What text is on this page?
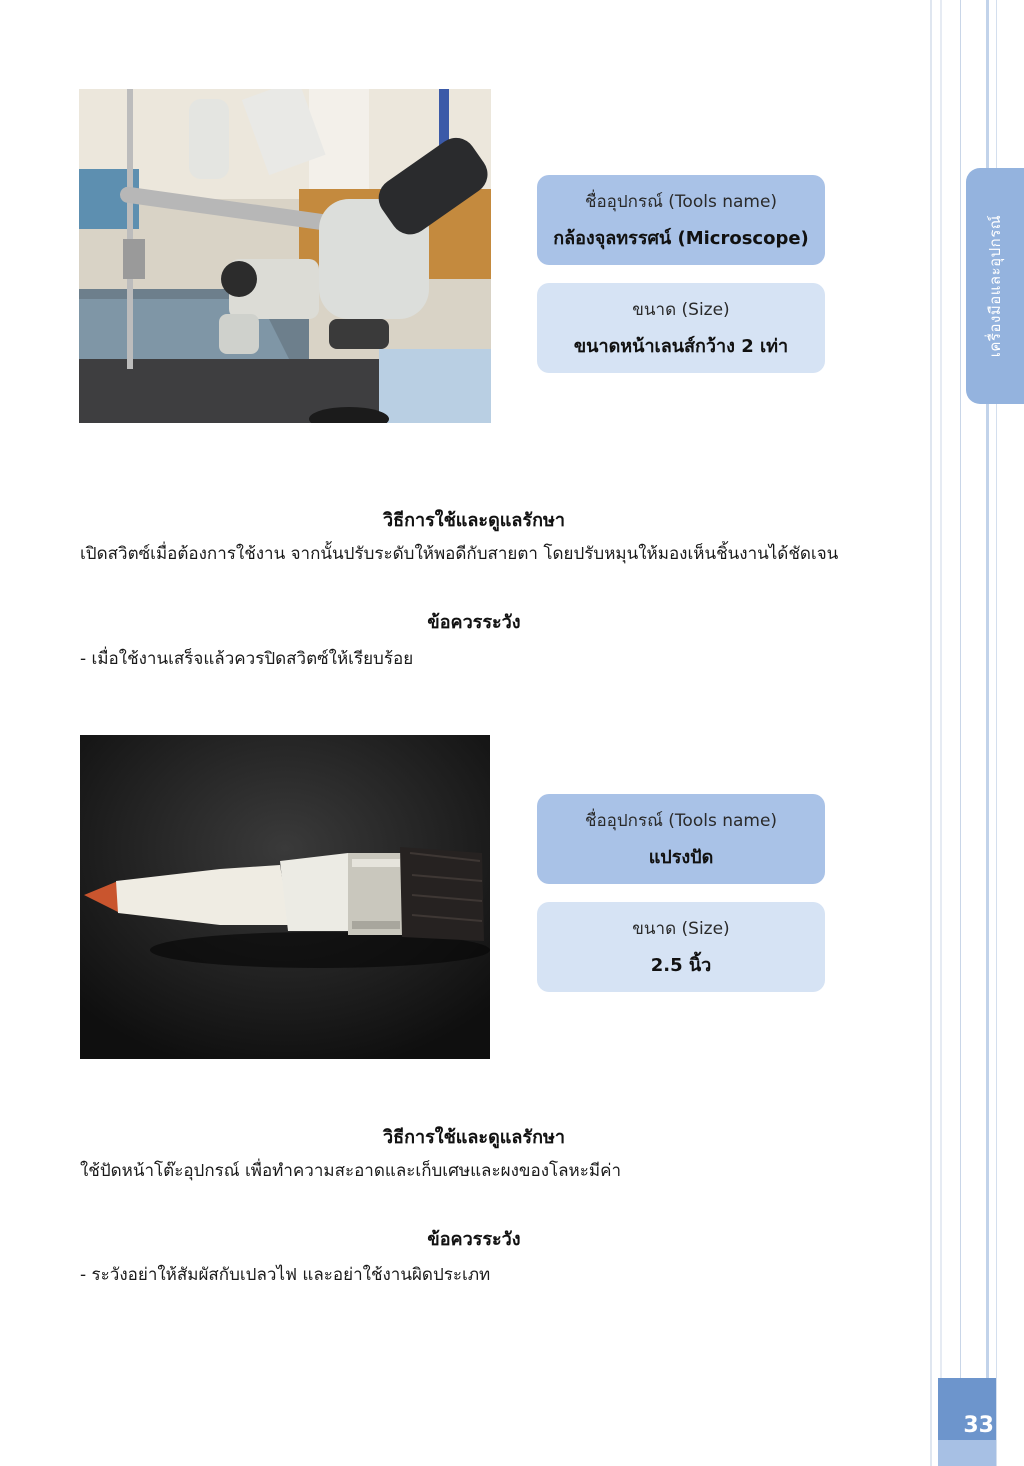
เครื่องมือและอุปกรณ์
33
ชื่ออุปกรณ์ (Tools name)
กล้องจุลทรรศน์ (Microscope)
ขนาด (Size)
ขนาดหน้าเลนส์กว้าง 2 เท่า
วิธีการใช้และดูแลรักษา
เปิดสวิตซ์เมื่อต้องการใช้งาน จากนั้นปรับระดับให้พอดีกับสายตา โดยปรับหมุนให้มองเห็นชิ้นงานได้ชัดเจน
ข้อควรระวัง
- เมื่อใช้งานเสร็จแล้วควรปิดสวิตซ์ให้เรียบร้อย
ชื่ออุปกรณ์ (Tools name)
แปรงปัด
ขนาด (Size)
2.5 นิ้ว
วิธีการใช้และดูแลรักษา
ใช้ปัดหน้าโต๊ะอุปกรณ์ เพื่อทำความสะอาดและเก็บเศษและผงของโลหะมีค่า
ข้อควรระวัง
- ระวังอย่าให้สัมผัสกับเปลวไฟ และอย่าใช้งานผิดประเภท
